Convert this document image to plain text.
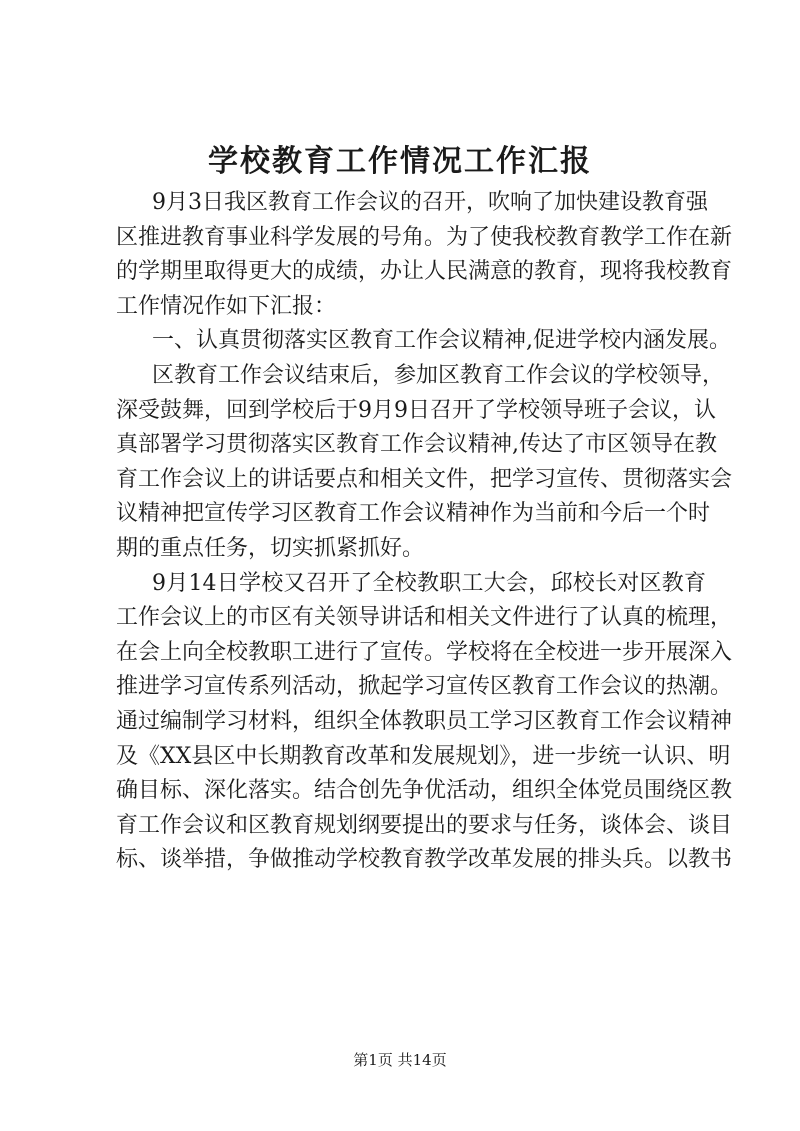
学校教育工作情况工作汇报
9月3日我区教育工作会议的召开，吹响了加快建设教育强
区推进教育事业科学发展的号角。为了使我校教育教学工作在新
的学期里取得更大的成绩，办让人民满意的教育，现将我校教育
工作情况作如下汇报：
一、认真贯彻落实区教育工作会议精神,促进学校内涵发展。
区教育工作会议结束后，参加区教育工作会议的学校领导，
深受鼓舞，回到学校后于9月9日召开了学校领导班子会议，认
真部署学习贯彻落实区教育工作会议精神,传达了市区领导在教
育工作会议上的讲话要点和相关文件，把学习宣传、贯彻落实会
议精神把宣传学习区教育工作会议精神作为当前和今后一个时
期的重点任务，切实抓紧抓好。
9月14日学校又召开了全校教职工大会，邱校长对区教育
工作会议上的市区有关领导讲话和相关文件进行了认真的梳理，
在会上向全校教职工进行了宣传。学校将在全校进一步开展深入
推进学习宣传系列活动，掀起学习宣传区教育工作会议的热潮。
通过编制学习材料，组织全体教职员工学习区教育工作会议精神
及《XX县区中长期教育改革和发展规划》，进一步统一认识、明
确目标、深化落实。结合创先争优活动，组织全体党员围绕区教
育工作会议和区教育规划纲要提出的要求与任务，谈体会、谈目
标、谈举措，争做推动学校教育教学改革发展的排头兵。以教书
第1页 共14页
